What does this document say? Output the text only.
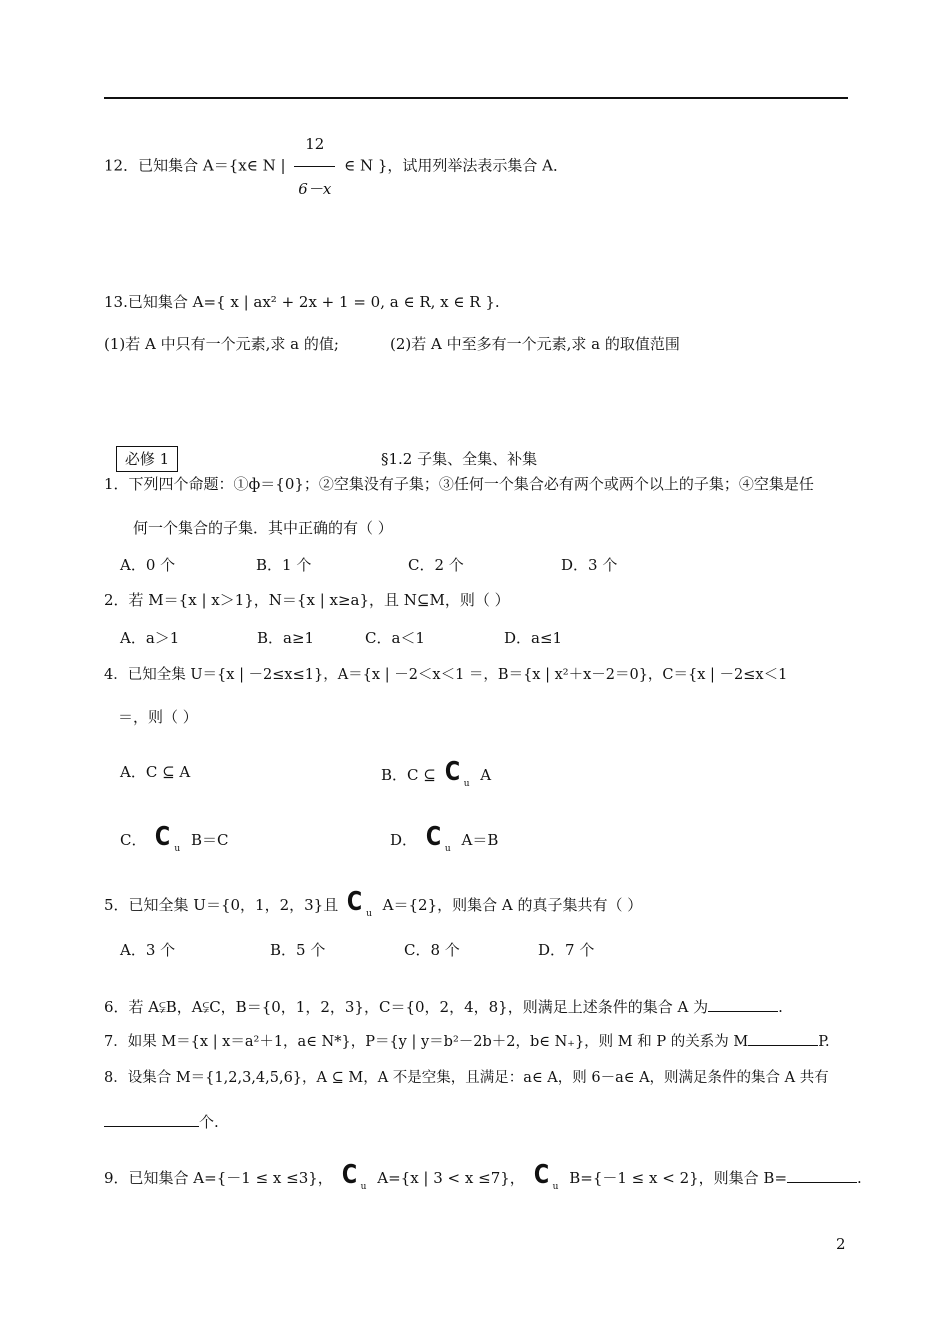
12．已知集合 A＝{x∈ N | $\frac{12}{6-x}$ ∈ N }，试用列举法表示集合 A．
13.已知集合 A={ x | ax² + 2x + 1 = 0, a ∈ R, x ∈ R }.
(1)若 A 中只有一个元素,求 a 的值;	(2)若 A 中至多有一个元素,求 a 的取值范围
必修 1	§1.2 子集、全集、补集
1．下列四个命题：①ф＝{0}；②空集没有子集；③任何一个集合必有两个或两个以上的子集；④空集是任
何一个集合的子集．其中正确的有（ ）
A．0 个	B．1 个	C．2 个	D．3 个
2．若 M＝{x | x＞1}，N＝{x | x≥a}，且 N⊆M，则（ ）
A．a＞1	B．a≥1	C．a＜1	D．a≤1
4．已知全集 U＝{x | －2≤x≤1}，A＝{x | －2＜x＜1 ＝，B＝{x | x²＋x－2＝0}，C＝{x | －2≤x＜1
＝，则（ ）
A．C ⊆ A	B．C ⊆ C $_u$ A
C． C $_u$ B＝C	D． C $_u$ A＝B
5．已知全集 U＝{0，1，2，3}且 C $_u$ A＝{2}，则集合 A 的真子集共有（ ）
A．3 个	B．5 个	C．8 个	D．7 个
6．若 A⫋B，A⫋C，B＝{0，1，2，3}，C＝{0，2，4，8}，则满足上述条件的集合 A 为	.
7．如果 M＝{x | x＝a²＋1，a∈ N*}，P＝{y | y＝b²－2b＋2，b∈ N₊}，则 M 和 P 的关系为 M	P.
8．设集合 M＝{1,2,3,4,5,6}，A ⊆ M，A 不是空集，且满足：a∈ A，则 6－a∈ A，则满足条件的集合 A 共有
个.
9．已知集合 A={－1 ≤ x ≤3}， C $_u$ A={x | 3 < x ≤7}， C $_u$ B={－1 ≤ x < 2}，则集合 B=	.
2
